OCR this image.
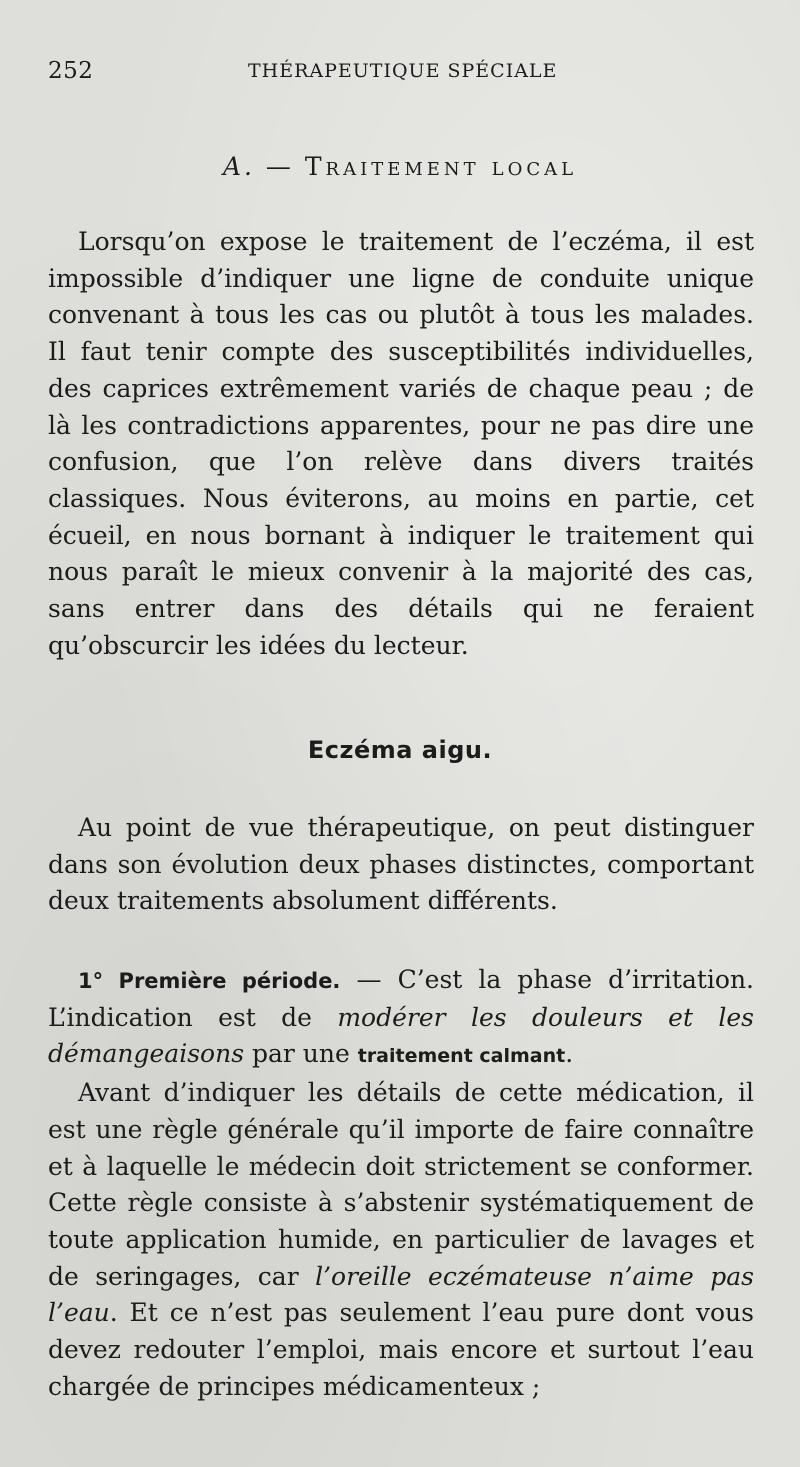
252	THÉRAPEUTIQUE SPÉCIALE
A. — Traitement local

Lorsqu’on expose le traitement de l’eczéma, il est impossible d’indiquer une ligne de conduite unique convenant à tous les cas ou plutôt à tous les malades. Il faut tenir compte des susceptibilités individuelles, des caprices extrêmement variés de chaque peau ; de là les contradictions apparentes, pour ne pas dire une confusion, que l’on relève dans divers traités classiques. Nous éviterons, au moins en partie, cet écueil, en nous bornant à indiquer le traitement qui nous paraît le mieux convenir à la majorité des cas, sans entrer dans des détails qui ne feraient qu’obscurcir les idées du lecteur.

Eczéma aigu.

Au point de vue thérapeutique, on peut distinguer dans son évolution deux phases distinctes, comportant deux traitements absolument différents.

1° Première période. — C’est la phase d’irritation. L’indication est de modérer les douleurs et les démangeaisons par une traitement calmant.

Avant d’indiquer les détails de cette médication, il est une règle générale qu’il importe de faire connaître et à laquelle le médecin doit strictement se conformer. Cette règle consiste à s’abstenir systématiquement de toute application humide, en particulier de lavages et de seringages, car l’oreille eczémateuse n’aime pas l’eau. Et ce n’est pas seulement l’eau pure dont vous devez redouter l’emploi, mais encore et surtout l’eau chargée de principes médicamenteux ;
